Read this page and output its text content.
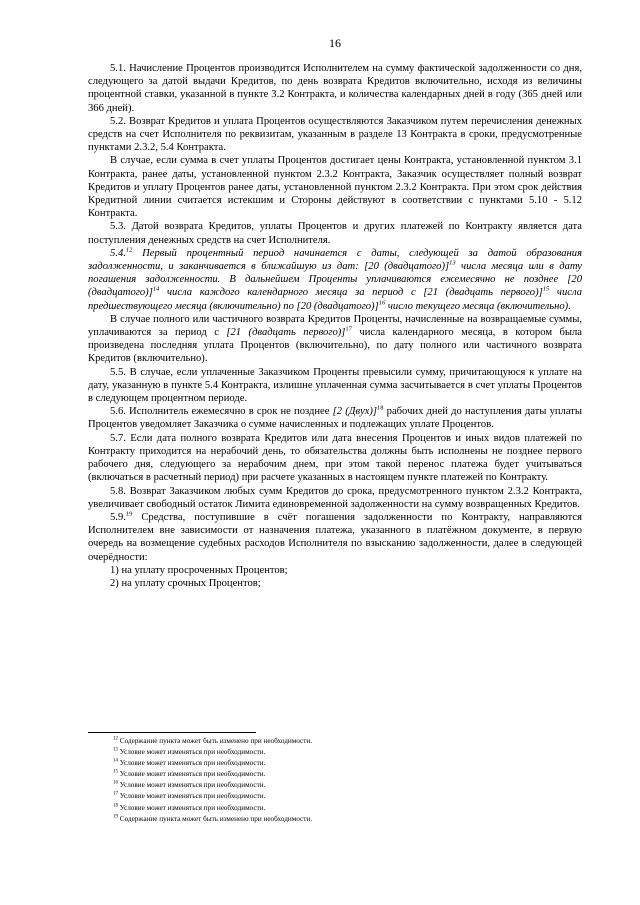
16

5.1. Начисление Процентов производится Исполнителем на сумму фактической задолженности со дня, следующего за датой выдачи Кредитов, по день возврата Кредитов включительно, исходя из величины процентной ставки, указанной в пункте 3.2 Контракта, и количества календарных дней в году (365 дней или 366 дней).

5.2. Возврат Кредитов и уплата Процентов осуществляются Заказчиком путем перечисления денежных средств на счет Исполнителя по реквизитам, указанным в разделе 13 Контракта в сроки, предусмотренные пунктами 2.3.2, 5.4 Контракта.

В случае, если сумма в счет уплаты Процентов достигает цены Контракта, установленной пунктом 3.1 Контракта, ранее даты, установленной пунктом 2.3.2 Контракта, Заказчик осуществляет полный возврат Кредитов и уплату Процентов ранее даты, установленной пунктом 2.3.2 Контракта. При этом срок действия Кредитной линии считается истекшим и Стороны действуют в соответствии с пунктами 5.10 - 5.12 Контракта.

5.3. Датой возврата Кредитов, уплаты Процентов и других платежей по Контракту является дата поступления денежных средств на счет Исполнителя.

5.4.12 Первый процентный период начинается с даты, следующей за датой образования задолженности, и заканчивается в ближайшую из дат: [20 (двадцатого)]$^{13}$ числа месяца или в дату погашения задолженности. В дальнейшем Проценты уплачиваются ежемесячно не позднее [20 (двадцатого)]$^{14}$ числа каждого календарного месяца за период с [21 (двадцать первого)]$^{15}$ числа предшествующего месяца (включительно) по [20 (двадцатого)]$^{16}$ число текущего месяца (включительно).

В случае полного или частичного возврата Кредитов Проценты, начисленные на возвращаемые суммы, уплачиваются за период с [21 (двадцать первого)]$^{17}$ числа календарного месяца, в котором была произведена последняя уплата Процентов (включительно), по дату полного или частичного возврата Кредитов (включительно).

5.5. В случае, если уплаченные Заказчиком Проценты превысили сумму, причитающуюся к уплате на дату, указанную в пункте 5.4 Контракта, излишне уплаченная сумма засчитывается в счет уплаты Процентов в следующем процентном периоде.

5.6. Исполнитель ежемесячно в срок не позднее [2 (Двух)]$^{18}$ рабочих дней до наступления даты уплаты Процентов уведомляет Заказчика о сумме начисленных и подлежащих уплате Процентов.

5.7. Если дата полного возврата Кредитов или дата внесения Процентов и иных видов платежей по Контракту приходится на нерабочий день, то обязательства должны быть исполнены не позднее первого рабочего дня, следующего за нерабочим днем, при этом такой перенос платежа будет учитываться (включаться в расчетный период) при расчете указанных в настоящем пункте платежей по Контракту.

5.8. Возврат Заказчиком любых сумм Кредитов до срока, предусмотренного пунктом 2.3.2 Контракта, увеличивает свободный остаток Лимита единовременной задолженности на сумму возвращенных Кредитов.

5.9.19 Средства, поступившие в счёт погашения задолженности по Контракту, направляются Исполнителем вне зависимости от назначения платежа, указанного в платёжном документе, в первую очередь на возмещение судебных расходов Исполнителя по взысканию задолженности, далее в следующей очерёдности:

1) на уплату просроченных Процентов;

2) на уплату срочных Процентов;

$^{12}$ Содержание пункта может быть изменено при необходимости.

$^{13}$ Условие может изменяться при необходимости.

$^{14}$ Условие может изменяться при необходимости.

$^{15}$ Условие может изменяться при необходимости.

$^{16}$ Условие может изменяться при необходимости.

$^{17}$ Условие может изменяться при необходимости.

$^{18}$ Условие может изменяться при необходимости.

$^{19}$ Содержание пункта может быть изменено при необходимости.
